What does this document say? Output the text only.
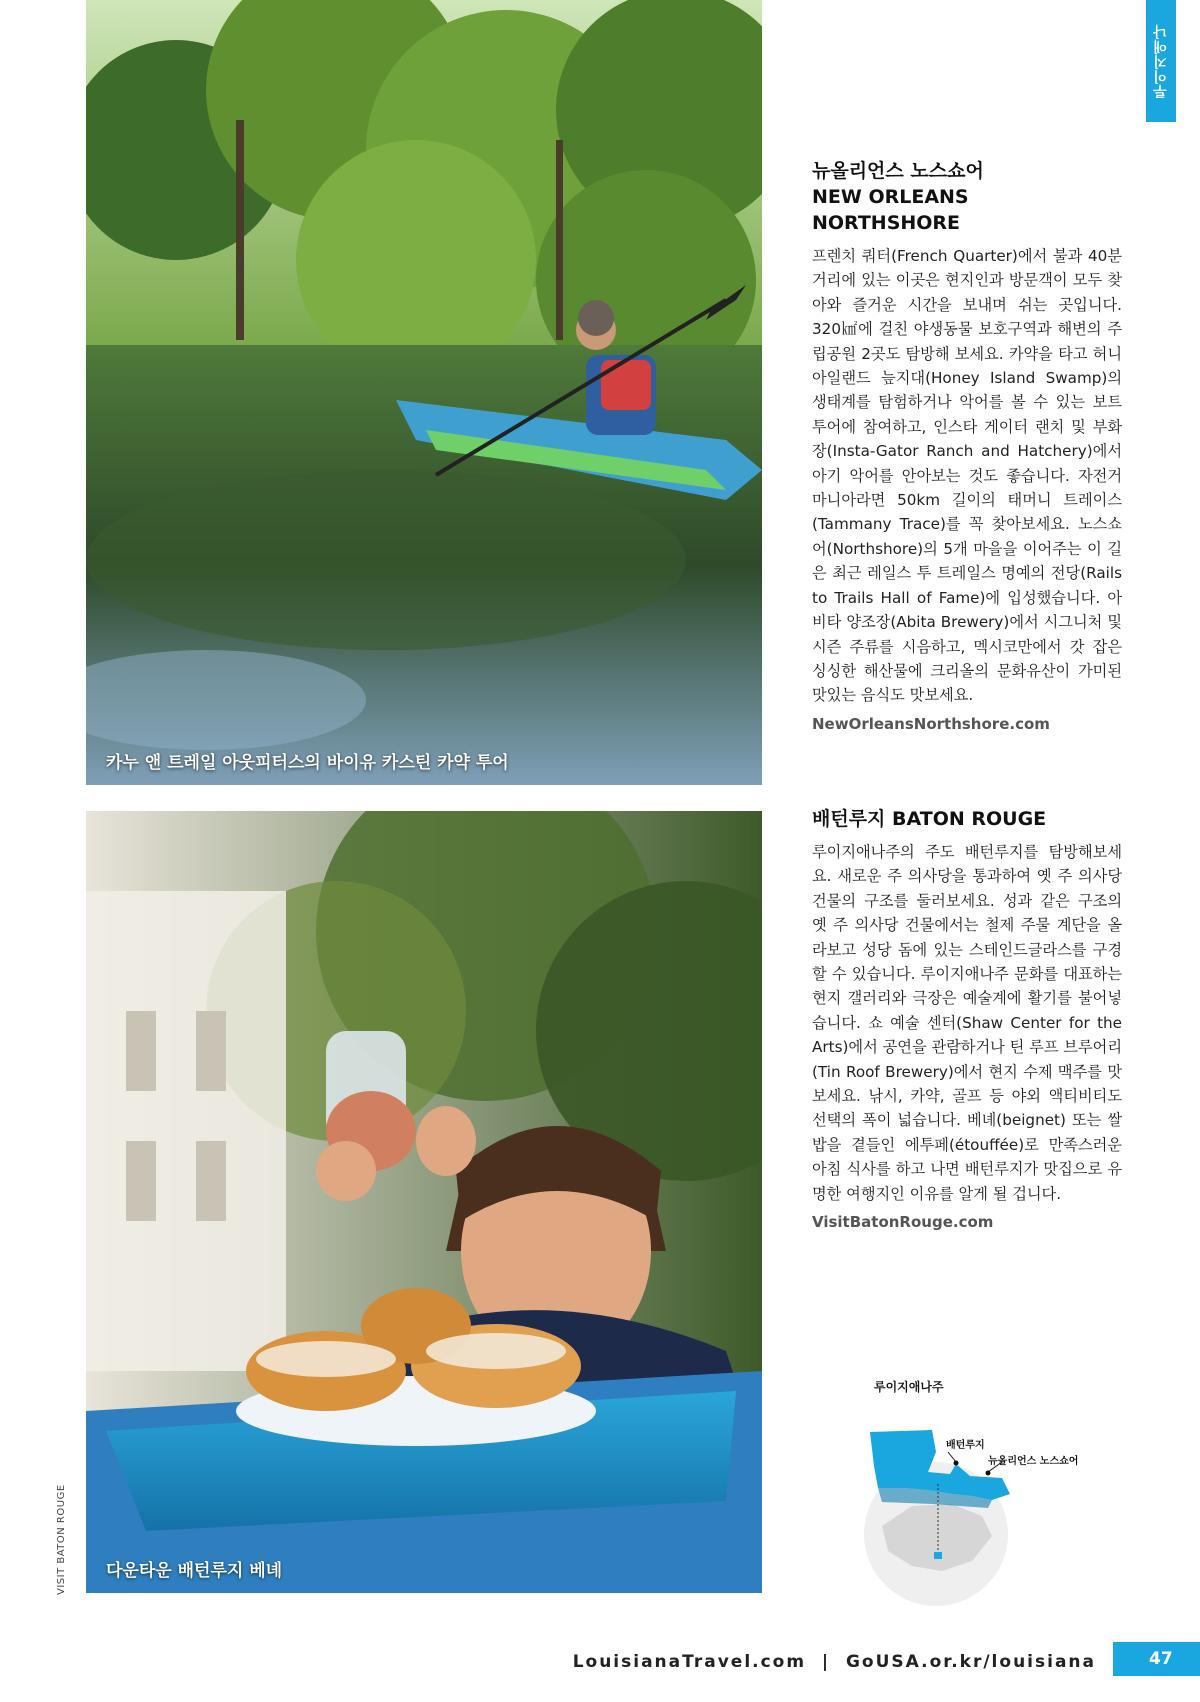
루이지애나
카누 앤 트레일 아웃피터스의 바이유 카스틴 카약 투어
다운타운 배턴루지 베녜
VISIT BATON ROUGE
뉴올리언스 노스쇼어
NEW ORLEANS NORTHSHORE

프렌치 쿼터(French Quarter)에서 불과 40분 거리에 있는 이곳은 현지인과 방문객이 모두 찾아와 즐거운 시간을 보내며 쉬는 곳입니다. 320㎢에 걸친 야생동물 보호구역과 해변의 주립공원 2곳도 탐방해 보세요. 카약을 타고 허니 아일랜드 늪지대(Honey Island Swamp)의 생태계를 탐험하거나 악어를 볼 수 있는 보트 투어에 참여하고, 인스타 게이터 랜치 및 부화장(Insta-Gator Ranch and Hatchery)에서 아기 악어를 안아보는 것도 좋습니다. 자전거 마니아라면 50km 길이의 태머니 트레이스(Tammany Trace)를 꼭 찾아보세요. 노스쇼어(Northshore)의 5개 마을을 이어주는 이 길은 최근 레일스 투 트레일스 명예의 전당(Rails to Trails Hall of Fame)에 입성했습니다. 아비타 양조장(Abita Brewery)에서 시그니처 및 시즌 주류를 시음하고, 멕시코만에서 갓 잡은 싱싱한 해산물에 크리올의 문화유산이 가미된 맛있는 음식도 맛보세요.

NewOrleansNorthshore.com
배턴루지 BATON ROUGE

루이지애나주의 주도 배턴루지를 탐방해보세요. 새로운 주 의사당을 통과하여 옛 주 의사당 건물의 구조를 둘러보세요. 성과 같은 구조의 옛 주 의사당 건물에서는 철제 주물 계단을 올라보고 성당 돔에 있는 스테인드글라스를 구경할 수 있습니다. 루이지애나주 문화를 대표하는 현지 갤러리와 극장은 예술계에 활기를 불어넣습니다. 쇼 예술 센터(Shaw Center for the Arts)에서 공연을 관람하거나 틴 루프 브루어리(Tin Roof Brewery)에서 현지 수제 맥주를 맛보세요. 낚시, 카약, 골프 등 야외 액티비티도 선택의 폭이 넓습니다. 베녜(beignet) 또는 쌀밥을 곁들인 에투페(étouffée)로 만족스러운 아침 식사를 하고 나면 배턴루지가 맛집으로 유명한 여행지인 이유를 알게 될 겁니다.

VisitBatonRouge.com
루이지애나주
배턴루지
뉴올리언스 노스쇼어
LouisianaTravel.com  |  GoUSA.or.kr/louisiana	47
